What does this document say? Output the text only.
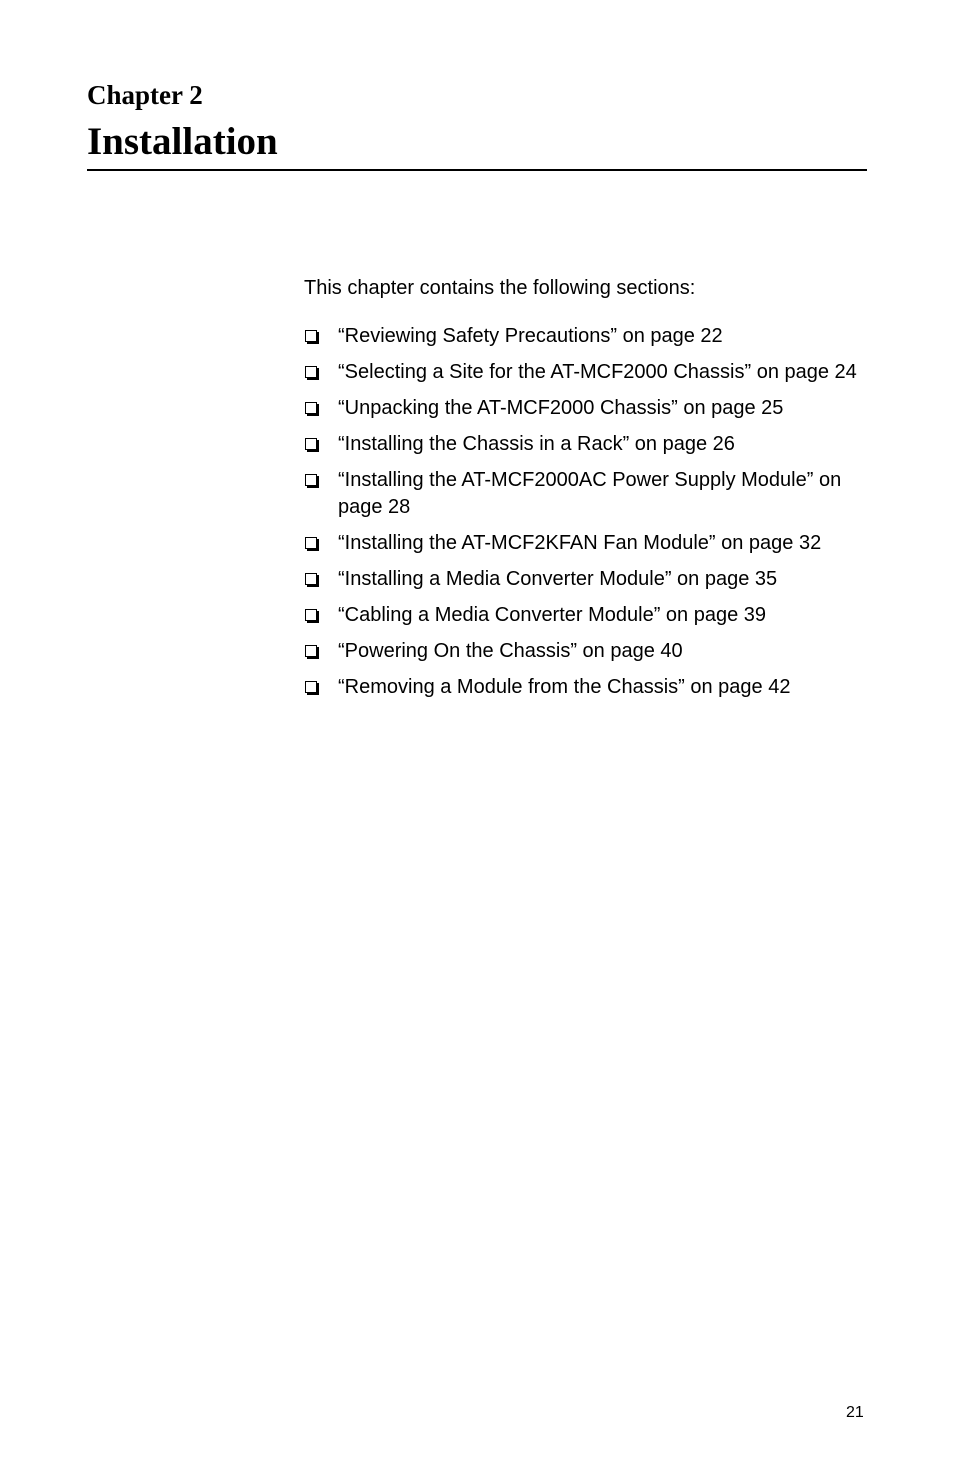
Chapter 2
Installation

This chapter contains the following sections:

“Reviewing Safety Precautions” on page 22
“Selecting a Site for the AT-MCF2000 Chassis” on page 24
“Unpacking the AT-MCF2000 Chassis” on page 25
“Installing the Chassis in a Rack” on page 26
“Installing the AT-MCF2000AC Power Supply Module” on page 28
“Installing the AT-MCF2KFAN Fan Module” on page 32
“Installing a Media Converter Module” on page 35
“Cabling a Media Converter Module” on page 39
“Powering On the Chassis” on page 40
“Removing a Module from the Chassis” on page 42

21
